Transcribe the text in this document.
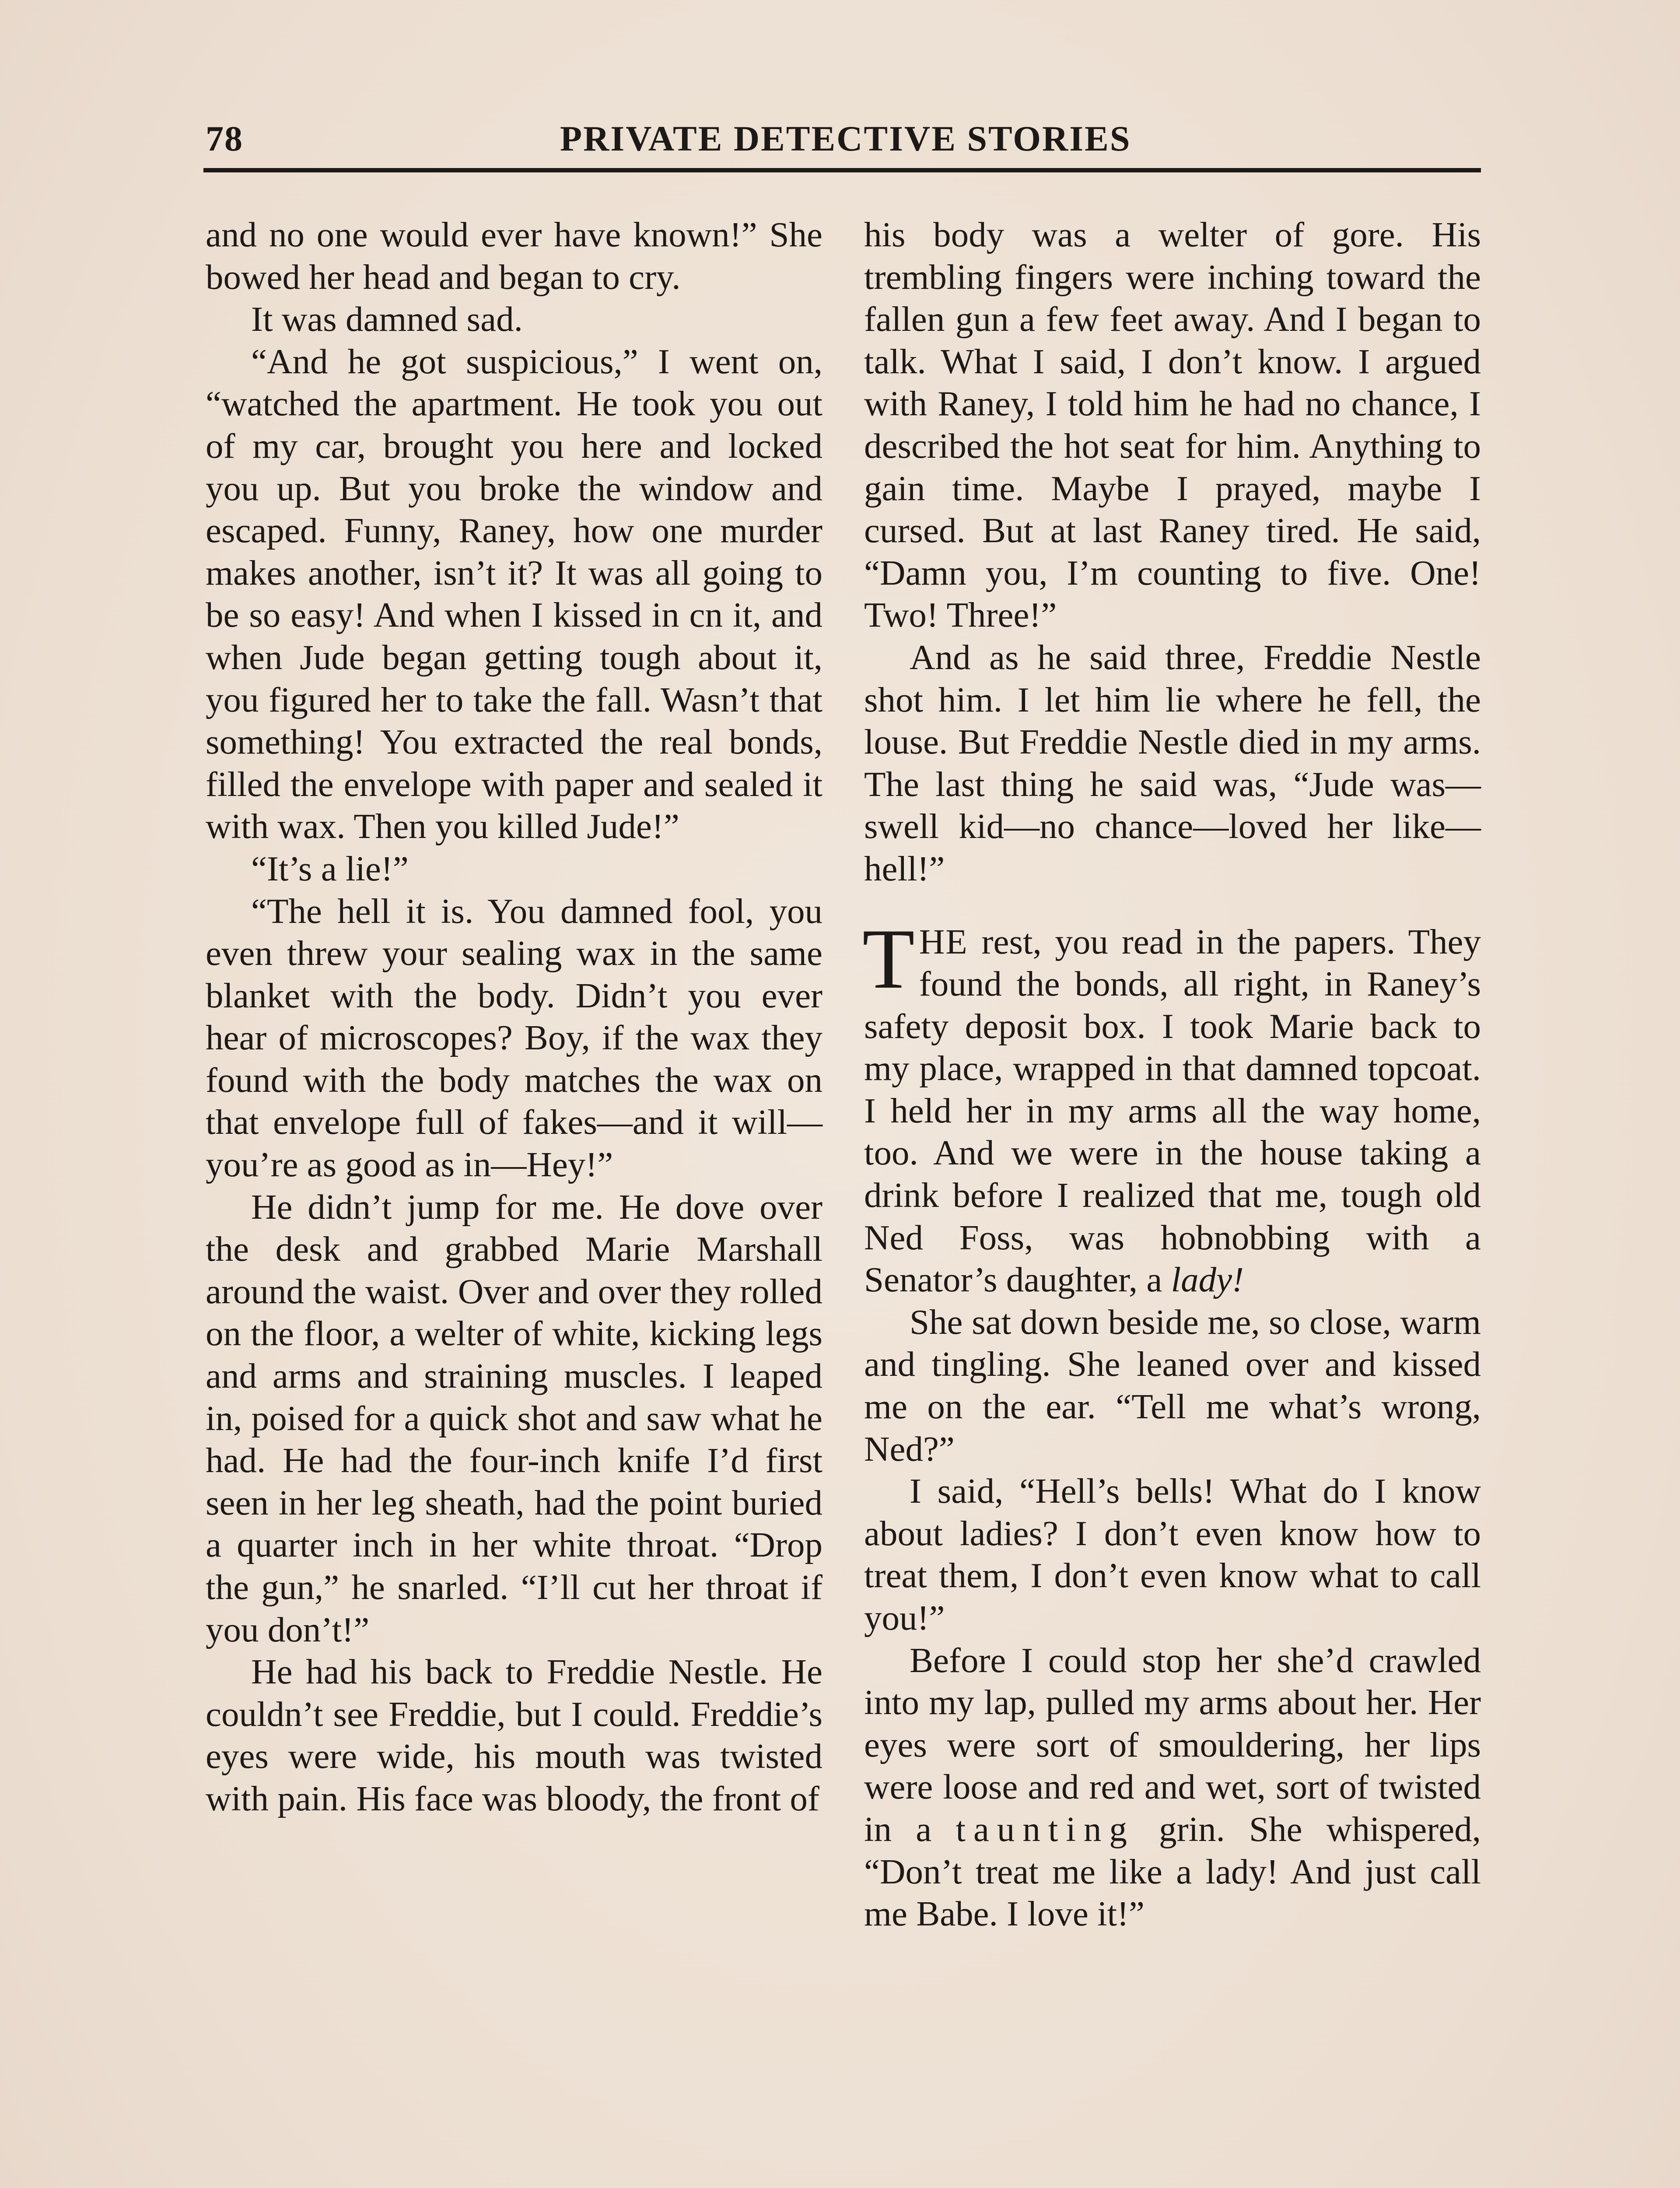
78	PRIVATE DETECTIVE STORIES

and no one would ever have known!” She bowed her head and began to cry.

It was damned sad.

“And he got suspicious,” I went on, “watched the apartment. He took you out of my car, brought you here and locked you up. But you broke the window and escaped. Funny, Raney, how one murder makes another, isn’t it? It was all going to be so easy! And when I kissed in cn it, and when Jude began getting tough about it, you figured her to take the fall. Wasn’t that something! You extracted the real bonds, filled the envelope with paper and sealed it with wax. Then you killed Jude!”

“It’s a lie!”

“The hell it is. You damned fool, you even threw your sealing wax in the same blanket with the body. Didn’t you ever hear of microscopes? Boy, if the wax they found with the body matches the wax on that envelope full of fakes—and it will—you’re as good as in—Hey!”

He didn’t jump for me. He dove over the desk and grabbed Marie Marshall around the waist. Over and over they rolled on the floor, a welter of white, kicking legs and arms and straining muscles. I leaped in, poised for a quick shot and saw what he had. He had the four-inch knife I’d first seen in her leg sheath, had the point buried a quarter inch in her white throat. “Drop the gun,” he snarled. “I’ll cut her throat if you don’t!”

He had his back to Freddie Nestle. He couldn’t see Freddie, but I could. Freddie’s eyes were wide, his mouth was twisted with pain. His face was bloody, the front of

his body was a welter of gore. His trembling fingers were inching toward the fallen gun a few feet away. And I began to talk. What I said, I don’t know. I argued with Raney, I told him he had no chance, I described the hot seat for him. Anything to gain time. Maybe I prayed, maybe I cursed. But at last Raney tired. He said, “Damn you, I’m counting to five. One! Two! Three!”

And as he said three, Freddie Nestle shot him. I let him lie where he fell, the louse. But Freddie Nestle died in my arms. The last thing he said was, “Jude was—swell kid—no chance—loved her like—hell!”

THE rest, you read in the papers. They found the bonds, all right, in Raney’s safety deposit box. I took Marie back to my place, wrapped in that damned topcoat. I held her in my arms all the way home, too. And we were in the house taking a drink before I realized that me, tough old Ned Foss, was hobnobbing with a Senator’s daughter, a lady!

She sat down beside me, so close, warm and tingling. She leaned over and kissed me on the ear. “Tell me what’s wrong, Ned?”

I said, “Hell’s bells! What do I know about ladies? I don’t even know how to treat them, I don’t even know what to call you!”

Before I could stop her she’d crawled into my lap, pulled my arms about her. Her eyes were sort of smouldering, her lips were loose and red and wet, sort of twisted in a taunting grin. She whispered, “Don’t treat me like a lady! And just call me Babe. I love it!”
